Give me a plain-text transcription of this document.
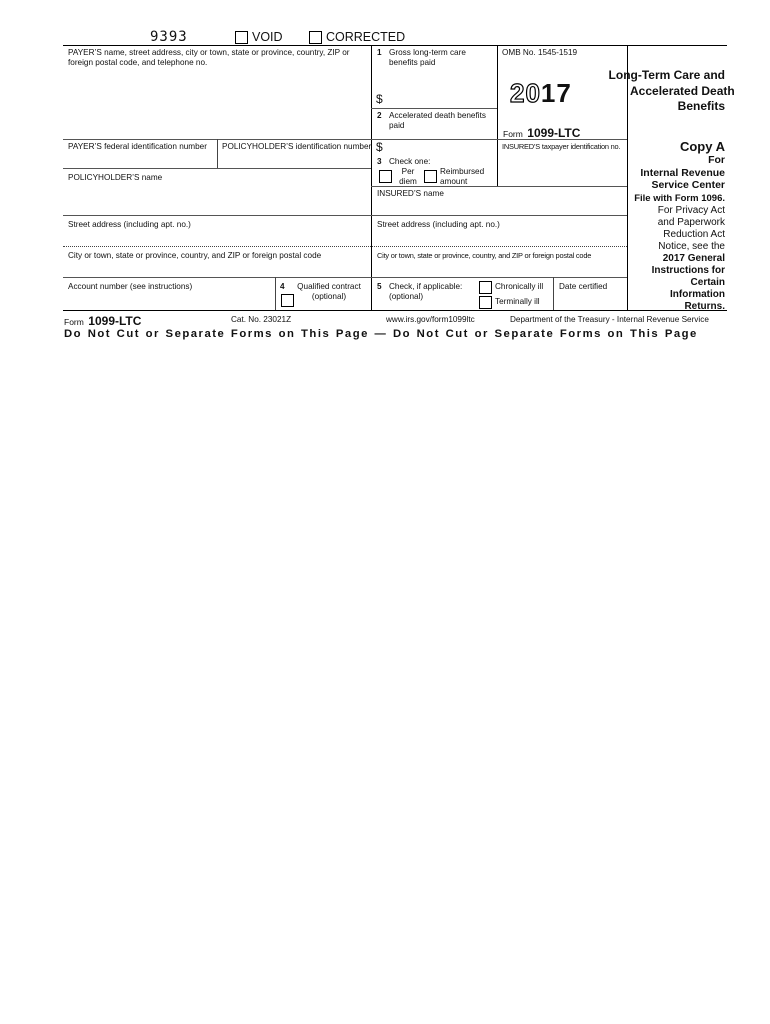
9393	VOID	CORRECTED
PAYER’S name, street address, city or town, state or province, country, ZIP or foreign postal code, and telephone no.
PAYER’S federal identification number	POLICYHOLDER’S identification number
POLICYHOLDER’S name
Street address (including apt. no.)
City or town, state or province, country, and ZIP or foreign postal code
Account number (see instructions)	4	Qualified contract (optional)
1 Gross long-term care benefits paid
$
2 Accelerated death benefits paid
$
3 Check one:
Per diem
Reimbursed amount
OMB No. 1545-1519
2017
Form 1099-LTC
INSURED’S taxpayer identification no.
INSURED’S name
Street address (including apt. no.)
City or town, state or province, country, and ZIP or foreign postal code
5 Check, if applicable: (optional)
Chronically ill
Terminally ill
Date certified
Long-Term Care and
Accelerated Death
Benefits
Copy A
For
Internal Revenue
Service Center
File with Form 1096.
For Privacy Act
and Paperwork
Reduction Act
Notice, see the
2017 General
Instructions for
Certain
Information
Returns.
Form 1099-LTC	Cat. No. 23021Z	www.irs.gov/form1099ltc	Department of the Treasury - Internal Revenue Service
Do Not Cut or Separate Forms on This Page — Do Not Cut or Separate Forms on This Page
